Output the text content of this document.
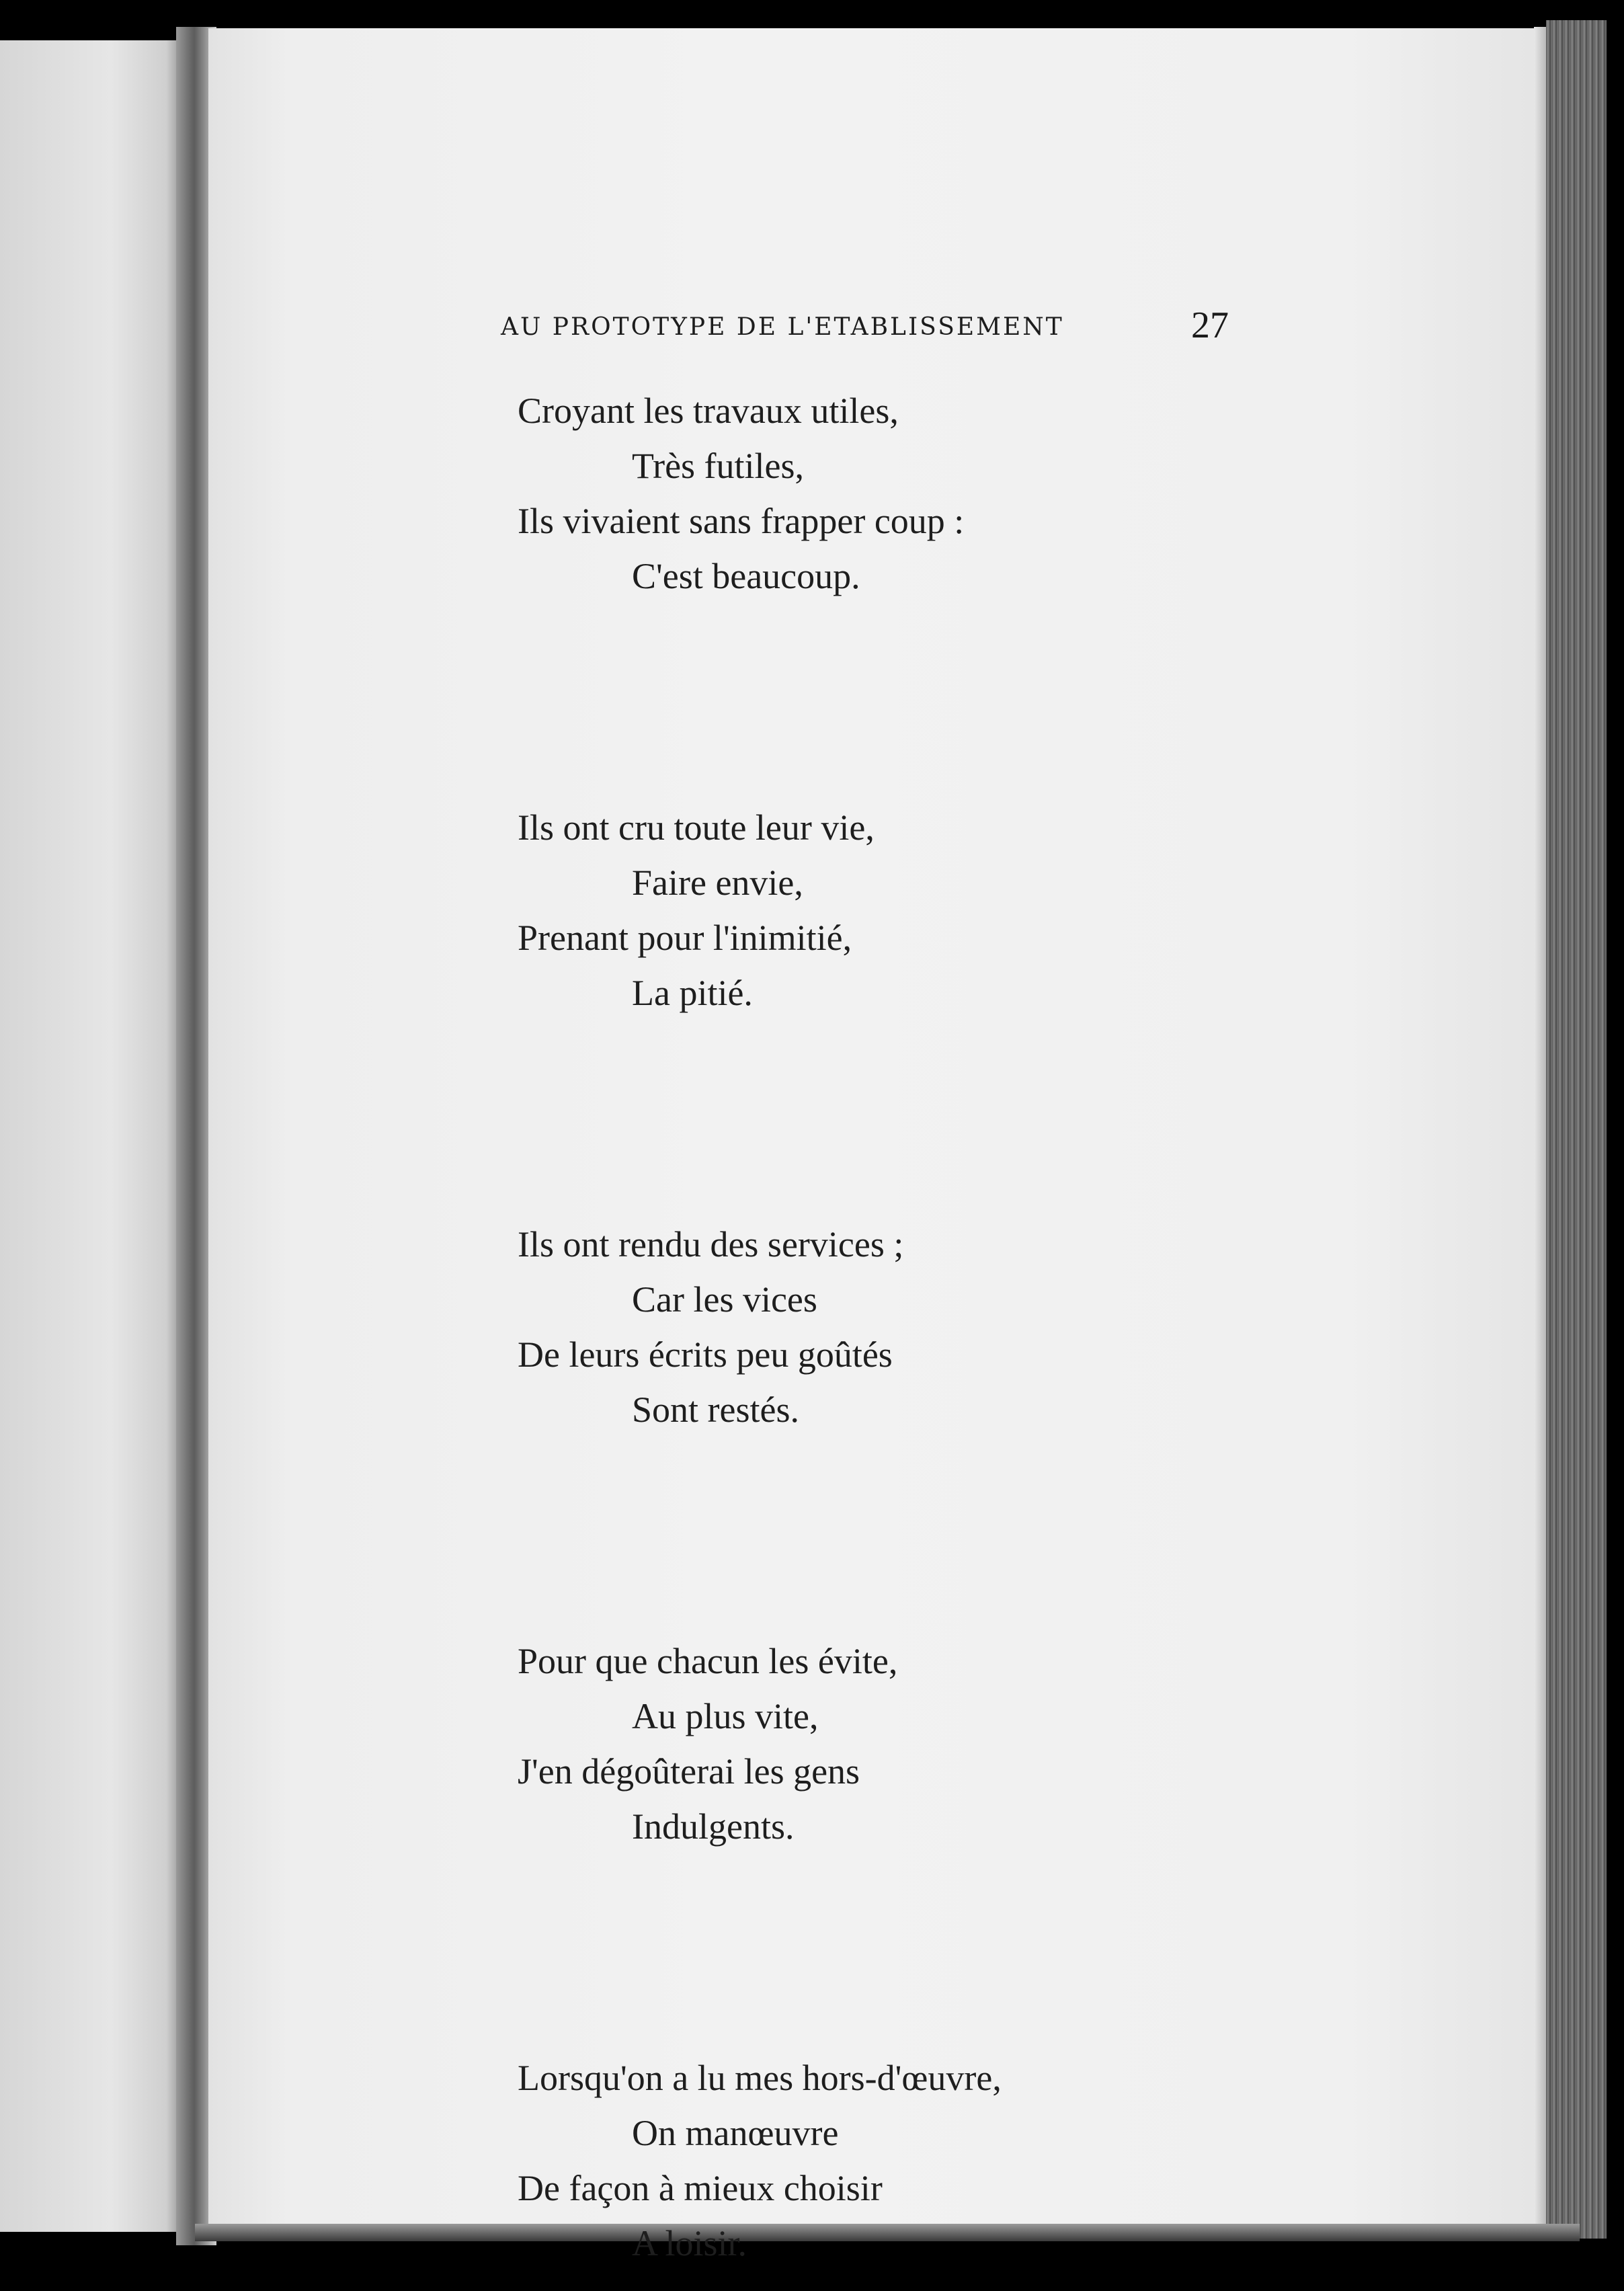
AU PROTOTYPE DE L'ETABLISSEMENT	27
Croyant les travaux utiles,
Très futiles,
Ils vivaient sans frapper coup :
C'est beaucoup.
Ils ont cru toute leur vie,
Faire envie,
Prenant pour l'inimitié,
La pitié.
Ils ont rendu des services ;
Car les vices
De leurs écrits peu goûtés
Sont restés.
Pour que chacun les évite,
Au plus vite,
J'en dégoûterai les gens
Indulgents.
Lorsqu'on a lu mes hors-d'œuvre,
On manœuvre
De façon à mieux choisir
A loisir.
